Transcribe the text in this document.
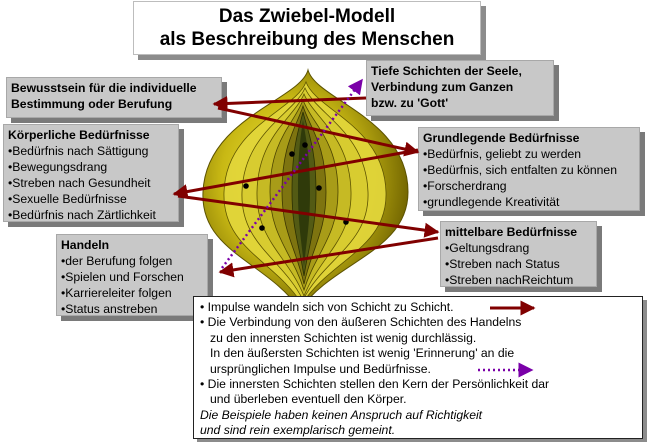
Das Zwiebel-Modell
als Beschreibung des Menschen
Bewusstsein für die individuelle
Bestimmung oder Berufung
Tiefe Schichten der Seele,
Verbindung zum Ganzen
bzw. zu 'Gott'
Körperliche Bedürfnisse
•Bedürfnis nach Sättigung
•Bewegungsdrang
•Streben nach Gesundheit
•Sexuelle Bedürfnisse
•Bedürfnis nach Zärtlichkeit
Grundlegende Bedürfnisse
•Bedürfnis, geliebt zu werden
•Bedürfnis, sich entfalten zu können
•Forscherdrang
•grundlegende Kreativität
Handeln
•der Berufung folgen
•Spielen und Forschen
•Karriereleiter folgen
•Status anstreben
mittelbare Bedürfnisse
•Geltungsdrang
•Streben nach Status
•Streben nachReichtum
• Impulse wandeln sich von Schicht zu Schicht.
• Die Verbindung von den äußeren Schichten des Handelns
zu den innersten Schichten ist wenig durchlässig.
In den äußersten Schichten ist wenig 'Erinnerung' an die
ursprünglichen Impulse und Bedürfnisse.
• Die innersten Schichten stellen den Kern der Persönlichkeit dar
und überleben eventuell den Körper.
Die Beispiele haben keinen Anspruch auf Richtigkeit
und sind rein exemplarisch gemeint.
